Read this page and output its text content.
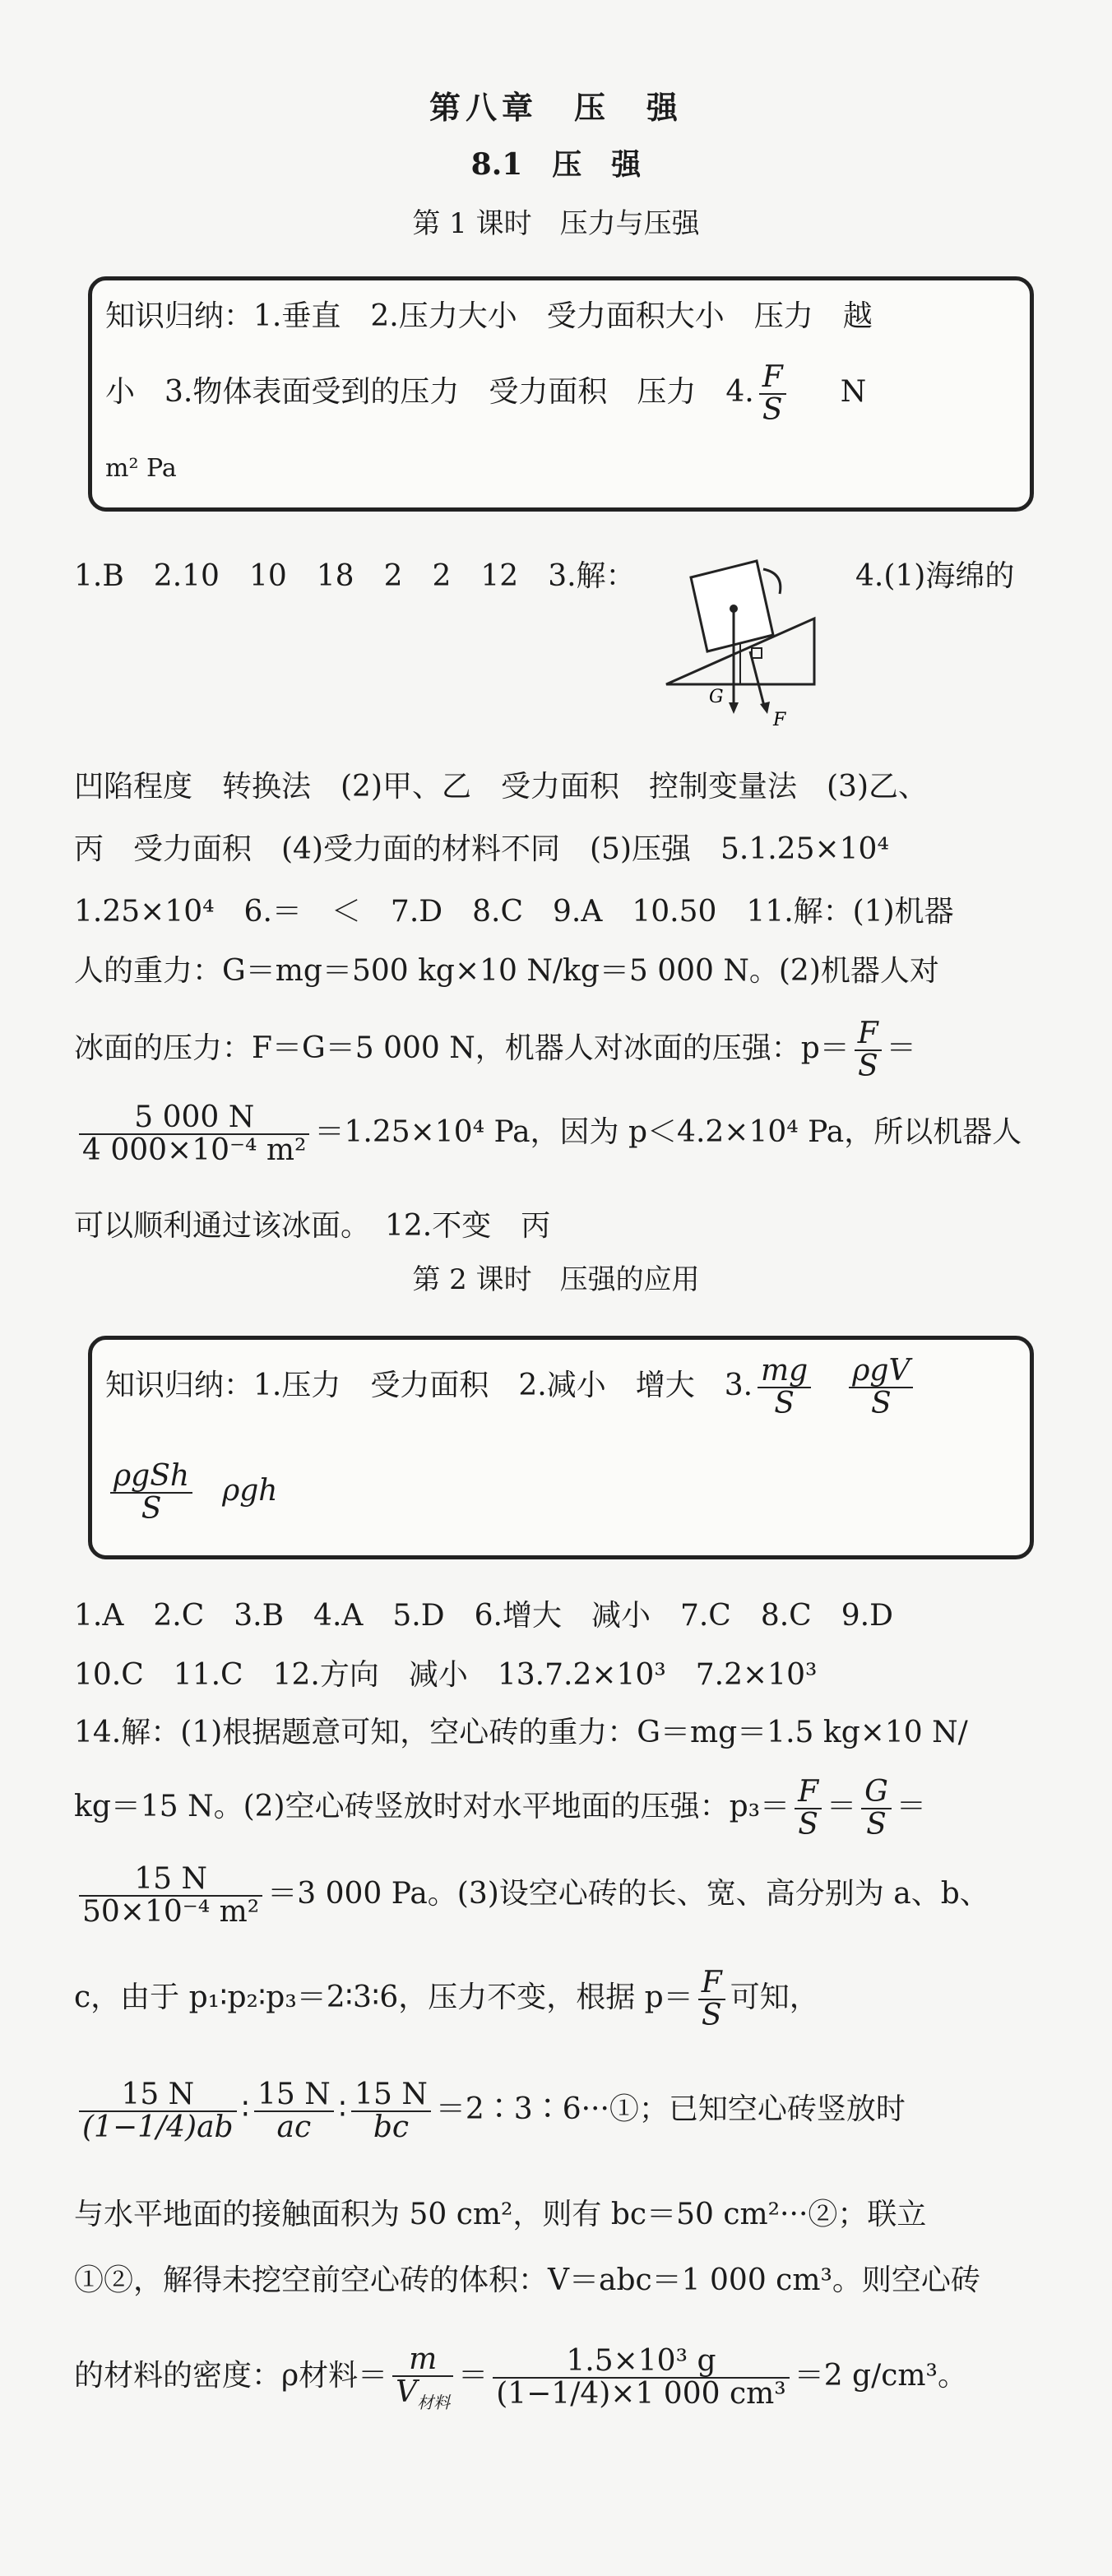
第八章　压　强
8.1　压　强
第 1 课时　压力与压强
知识归纳：1.垂直　2.压力大小　受力面积大小　压力　越
小　3.物体表面受到的压力　受力面积　压力　4. $\frac{F}{S}$ N
m² Pa
1.B　2.10　10　18　2　2　12　3.解：	4.(1)海绵的
G
F
凹陷程度　转换法　(2)甲、乙　受力面积　控制变量法　(3)乙、
丙　受力面积　(4)受力面的材料不同　(5)压强　5.1.25×10⁴
1.25×10⁴　6.＝　＜　7.D　8.C　9.A　10.50　11.解：(1)机器
人的重力：G＝mg＝500 kg×10 N/kg＝5 000 N。(2)机器人对
冰面的压力：F＝G＝5 000 N，机器人对冰面的压强：$p= \frac{F}{S}$ ＝
$\frac{5 000 N}{\text{4 000×10⁻⁴ m²}} =1.25\times 10^4$ Pa，因为 p＜4.2×10⁴ Pa，所以机器人
可以顺利通过该冰面。　12.不变　丙
第 2 课时　压强的应用
知识归纳：1.压力　受力面积　2.减小　增大　3. $\frac{mg}{S}$ ρgV
S
ρgSh
S
ρgh
1.A　2.C　3.B　4.A　5.D　6.增大　减小　7.C　8.C　9.D
10.C　11.C　12.方向　减小　13.7.2×10³　7.2×10³
14.解：(1)根据题意可知，空心砖的重力：G＝mg＝1.5 kg×10 N/
kg＝15 N。(2)空心砖竖放时对水平地面的压强：$p_3= \frac{F}{S} = \frac{G}{S}$ ＝
$\frac{15 N}{\text{50×10⁻⁴ m²}} =3$ 000 Pa。(3)设空心砖的长、宽、高分别为 a、b、
c，由于 p₁∶p₂∶p₃＝2∶3∶6，压力不变，根据 $p= \frac{F}{S}$ 可知，
$\frac{15 N}{(1-1/4)ab}$ ∶ $\frac{15 N}{ac}$ ∶ $\frac{15 N}{bc}$ ＝2∶3∶6···①；已知空心砖竖放时
与水平地面的接触面积为 50 cm²，则有 bc＝50 cm²···②；联立
①②，解得未挖空前空心砖的体积：V＝abc＝1 000 cm³。则空心砖
的材料的密度：ρ材料＝ m
$V_{材料}$
＝ $\frac{\text{1.5×10³ g}}{\text{(1−1/4)×1 000 cm³}} =2$ g/cm³。
